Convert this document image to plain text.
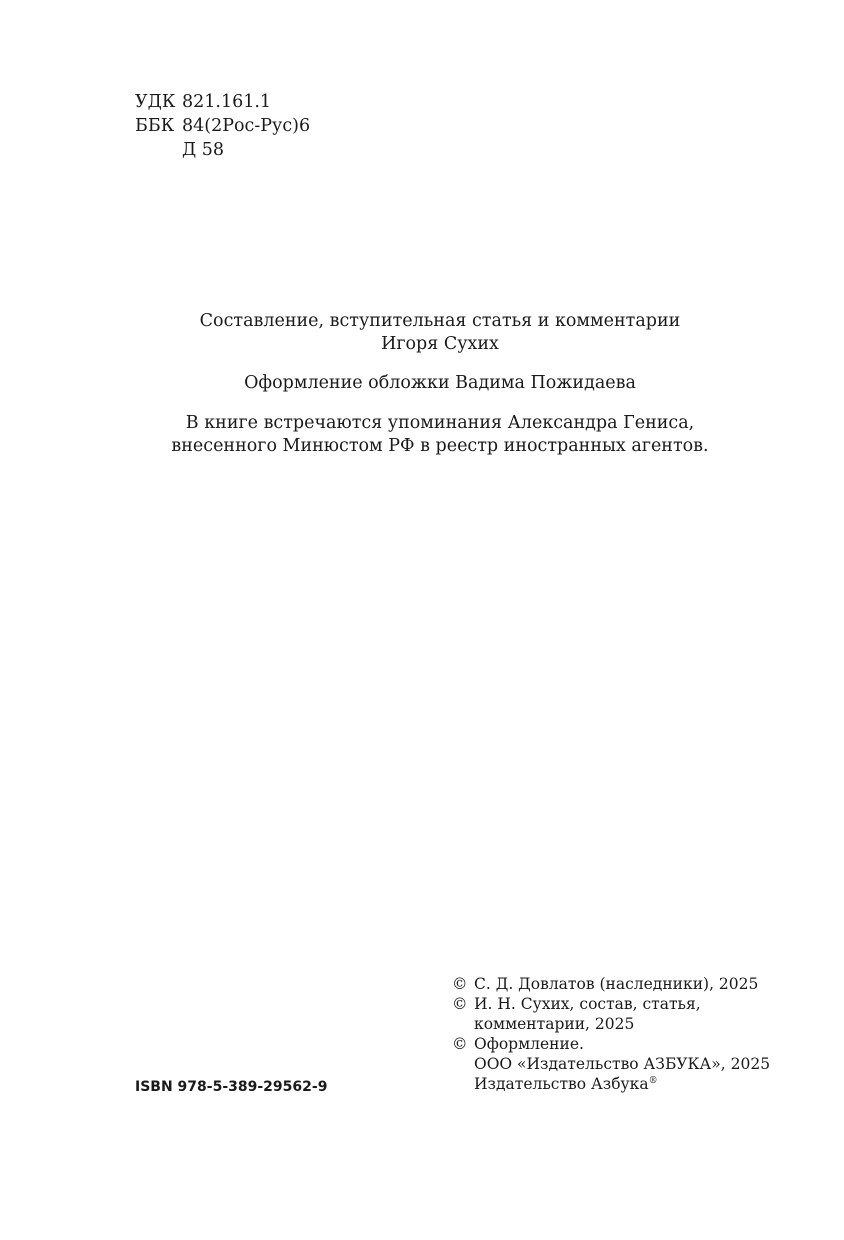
УДК 821.161.1
ББК 84(2Рос-Рус)6
Д 58

Составление, вступительная статья и комментарии

Игоря Сухих

Оформление обложки Вадима Пожидаева

В книге встречаются упоминания Александра Гениса,

внесенного Минюстом РФ в реестр иностранных агентов.

ISBN 978-5-389-29562-9
© С. Д. Довлатов (наследники), 2025
© И. Н. Сухих, состав, статья,
комментарии, 2025
© Оформление.
ООО «Издательство АЗБУКА», 2025
Издательство Азбука®
